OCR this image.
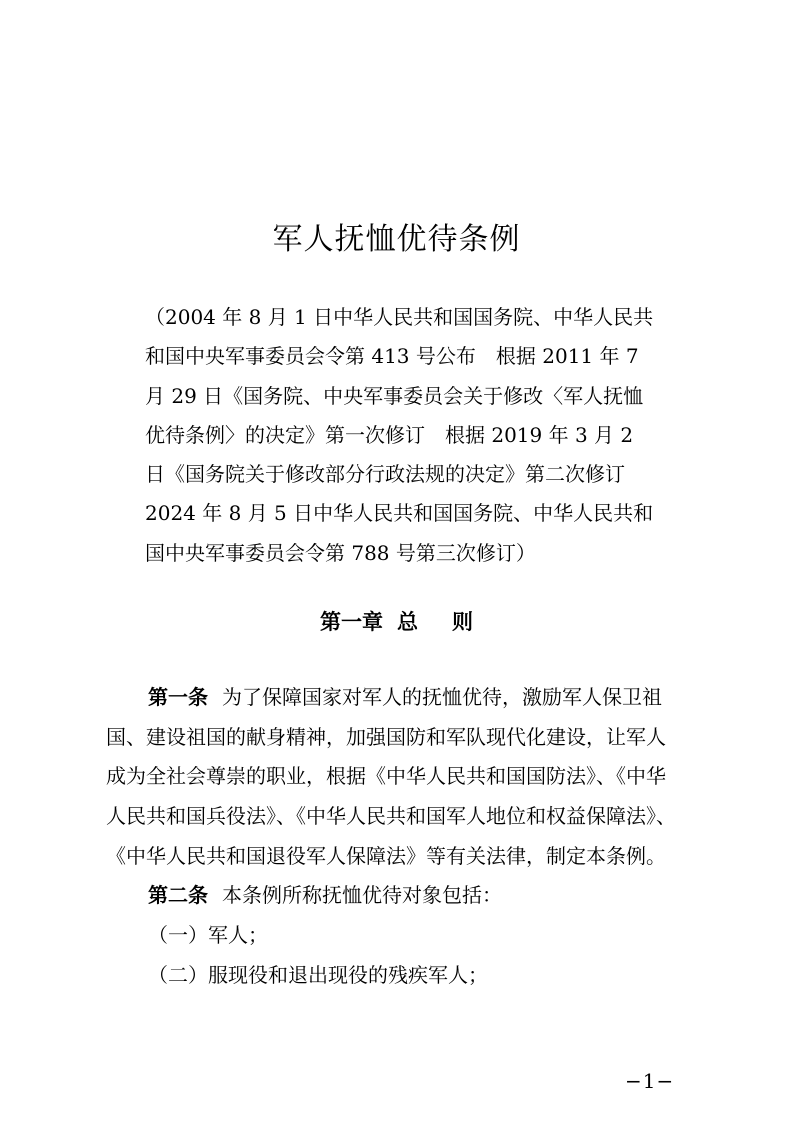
军人抚恤优待条例
（2004 年 8 月 1 日中华人民共和国国务院、中华人民共
和国中央军事委员会令第 413 号公布　根据 2011 年 7
月 29 日《国务院、中央军事委员会关于修改〈军人抚恤
优待条例〉的决定》第一次修订　根据 2019 年 3 月 2
日《国务院关于修改部分行政法规的决定》第二次修订
2024 年 8 月 5 日中华人民共和国国务院、中华人民共和
国中央军事委员会令第 788 号第三次修订）
第一章 总 则
第一条 为了保障国家对军人的抚恤优待，激励军人保卫祖
国、建设祖国的献身精神，加强国防和军队现代化建设，让军人
成为全社会尊崇的职业，根据《中华人民共和国国防法》、《中华
人民共和国兵役法》、《中华人民共和国军人地位和权益保障法》、
《中华人民共和国退役军人保障法》等有关法律，制定本条例。
第二条 本条例所称抚恤优待对象包括：
（一）军人；
（二）服现役和退出现役的残疾军人；
−1−
